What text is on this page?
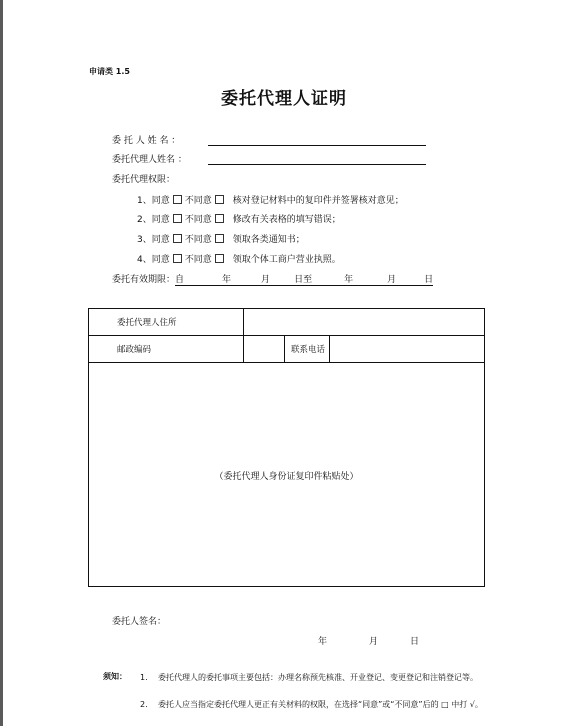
申请类 1.5
委托代理人证明
委 托 人 姓 名 ：
委托代理人姓名 ：
委托代理权限：
1、同意 不同意 核对登记材料中的复印件并签署核对意见；
2、同意 不同意 修改有关表格的填写错误；
3、同意 不同意 领取各类通知书；
4、同意 不同意 领取个体工商户营业执照。
委托有效期限：自	年	月	日至	年	月	日
委托代理人住所			
邮政编码		联系电话	
（委托代理人身份证复印件粘贴处）
委托人签名：
年	月	日
须知： 1. 委托代理人的委托事项主要包括：办理名称预先核准、开业登记、变更登记和注销登记等。
2. 委托人应当指定委托代理人更正有关材料的权限，在选择“同意”或“不同意”后的 □ 中打 √。
